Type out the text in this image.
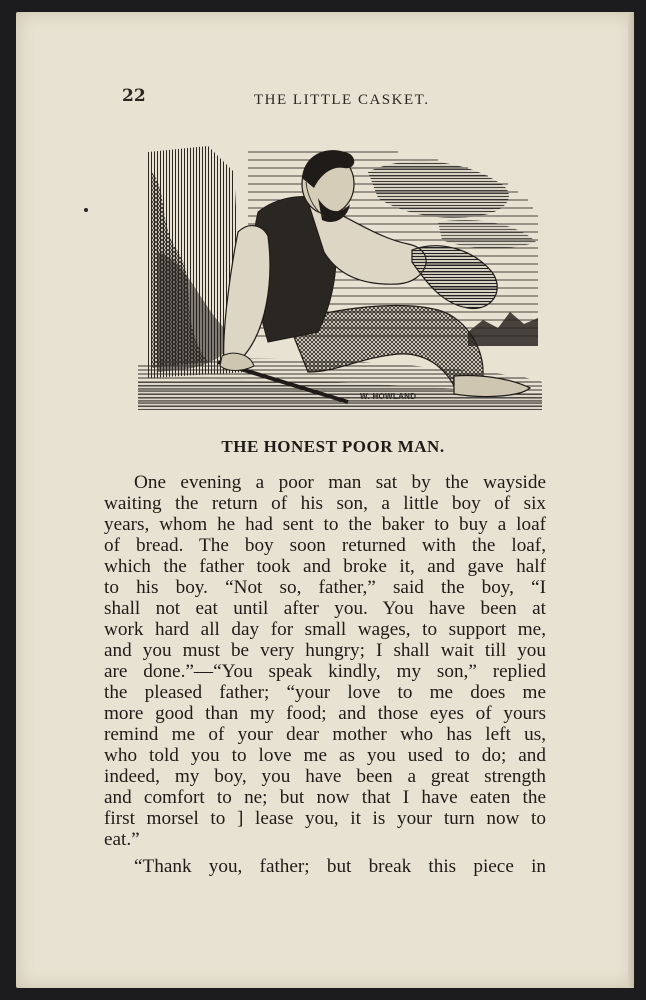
22	THE LITTLE CASKET.
W. HOWLAND
THE HONEST POOR MAN.
One evening a poor man sat by the wayside
waiting the return of his son, a little boy of six
years, whom he had sent to the baker to buy a loaf
of bread. The boy soon returned with the loaf,
which the father took and broke it, and gave half
to his boy. “Not so, father,” said the boy, “I
shall not eat until after you. You have been at
work hard all day for small wages, to support me,
and you must be very hungry; I shall wait till you
are done.”—“You speak kindly, my son,” replied
the pleased father; “your love to me does me
more good than my food; and those eyes of yours
remind me of your dear mother who has left us,
who told you to love me as you used to do; and
indeed, my boy, you have been a great strength
and comfort to ne; but now that I have eaten the
first morsel to ] lease you, it is your turn now to
eat.”
“Thank you, father; but break this piece in
